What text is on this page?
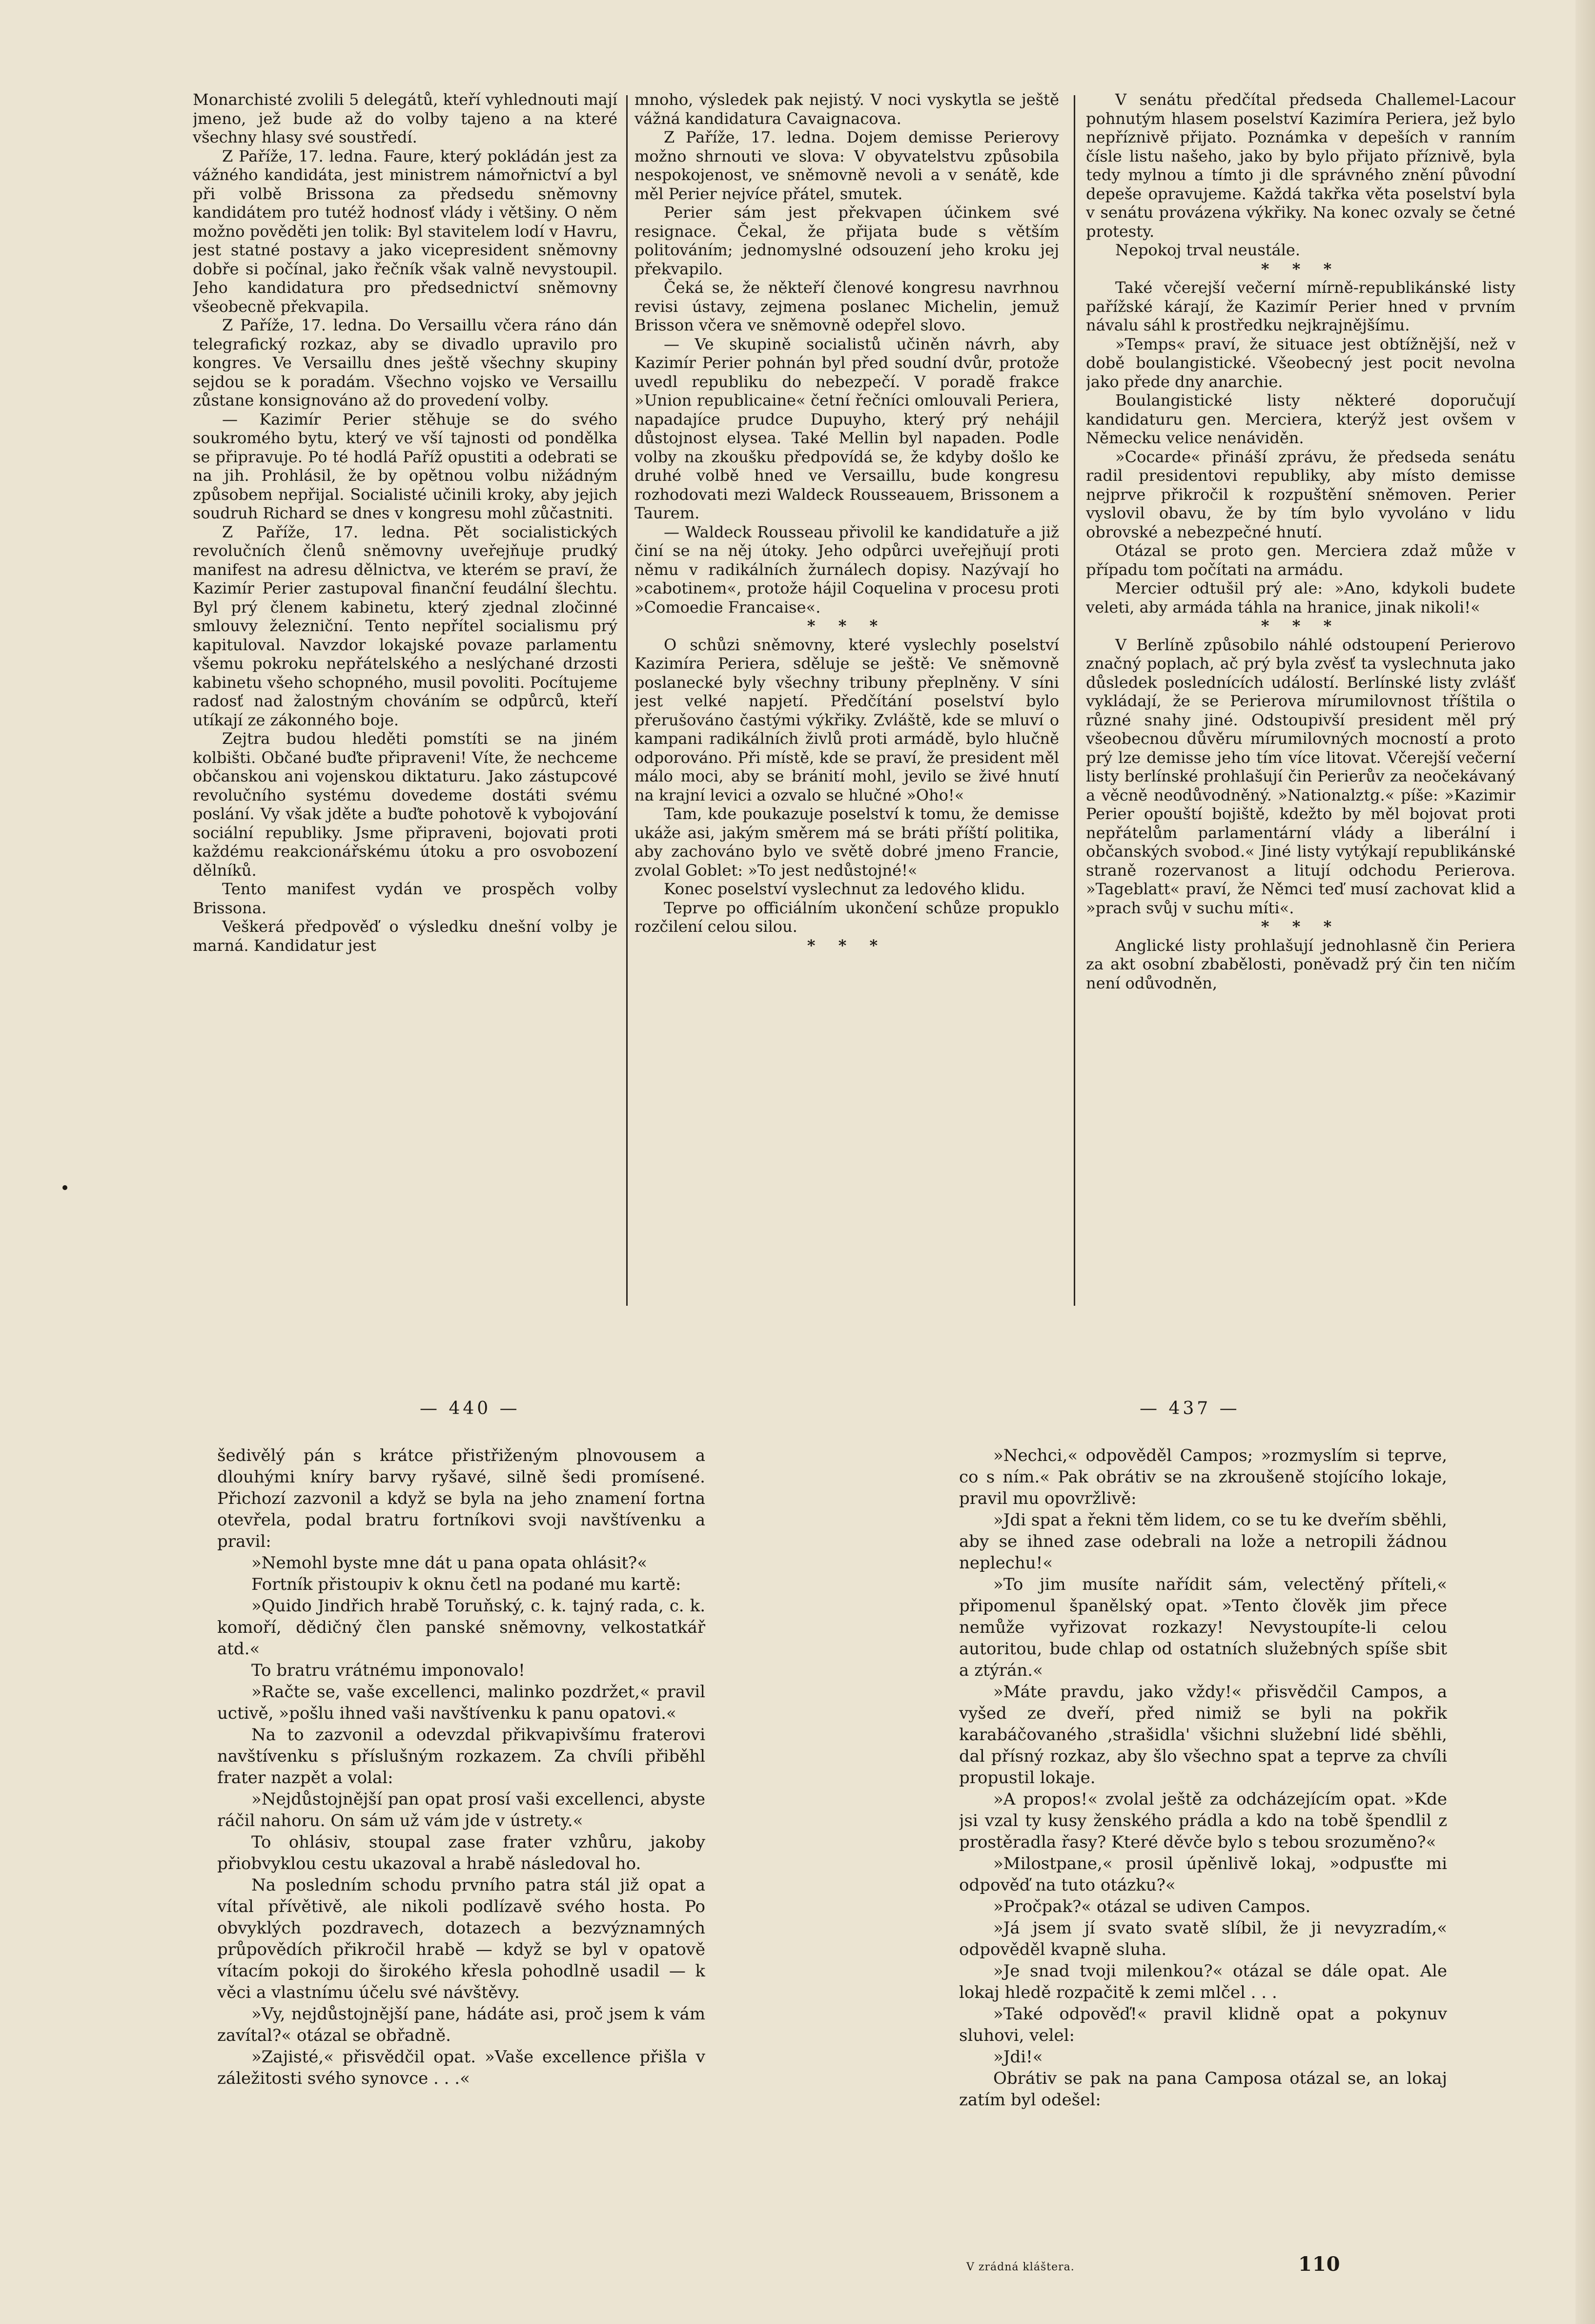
Monarchisté zvolili 5 delegátů, kteří vyhlednouti mají jmeno, jež bude až do volby tajeno a na které všechny hlasy své soustředí.

Z Paříže, 17. ledna. Faure, který pokládán jest za vážného kandidáta, jest ministrem námořnictví a byl při volbě Brissona za předsedu sněmovny kandidátem pro tutéž hodnosť vlády i většiny. O něm možno pověděti jen tolik: Byl stavitelem lodí v Havru, jest statné postavy a jako vicepresident sněmovny dobře si počínal, jako řečník však valně nevystoupil. Jeho kandidatura pro předsednictví sněmovny všeobecně překvapila.

Z Paříže, 17. ledna. Do Versaillu včera ráno dán telegrafický rozkaz, aby se divadlo upravilo pro kongres. Ve Versaillu dnes ještě všechny skupiny sejdou se k poradám. Všechno vojsko ve Versaillu zůstane konsignováno až do provedení volby.

— Kazimír Perier stěhuje se do svého soukromého bytu, který ve vší tajnosti od pondělka se připravuje. Po té hodlá Paříž opustiti a odebrati se na jih. Prohlásil, že by opětnou volbu nižádným způsobem nepřijal. Socialisté učinili kroky, aby jejich soudruh Richard se dnes v kongresu mohl zůčastniti.

Z Paříže, 17. ledna. Pět socialistických revolučních členů sněmovny uveřejňuje prudký manifest na adresu dělnictva, ve kterém se praví, že Kazimír Perier zastupoval finanční feudální šlechtu. Byl prý členem kabinetu, který zjednal zločinné smlouvy železniční. Tento nepřítel socialismu prý kapituloval. Navzdor lokajské povaze parlamentu všemu pokroku nepřátelského a neslýchané drzosti kabinetu všeho schopného, musil povoliti. Pocítujeme radosť nad žalostným chováním se odpůrců, kteří utíkají ze zákonného boje.

Zejtra budou hleděti pomstíti se na jiném kolbišti. Občané buďte připraveni! Víte, že nechceme občanskou ani vojenskou diktaturu. Jako zástupcové revolučního systému dovedeme dostáti svému poslání. Vy však jděte a buďte pohotově k vybojování sociální republiky. Jsme připraveni, bojovati proti každému reakcionářskému útoku a pro osvobození dělníků.

Tento manifest vydán ve prospěch volby Brissona.

Veškerá předpověď o výsledku dnešní volby je marná. Kandidatur jest

mnoho, výsledek pak nejistý. V noci vyskytla se ještě vážná kandidatura Cavaignacova.

Z Paříže, 17. ledna. Dojem demisse Perierovy možno shrnouti ve slova: V obyvatelstvu způsobila nespokojenost, ve sněmovně nevoli a v senátě, kde měl Perier nejvíce přátel, smutek.

Perier sám jest překvapen účinkem své resignace. Čekal, že přijata bude s větším politováním; jednomyslné odsouzení jeho kroku jej překvapilo.

Čeká se, že někteří členové kongresu navrhnou revisi ústavy, zejmena poslanec Michelin, jemuž Brisson včera ve sněmovně odepřel slovo.

— Ve skupině socialistů učiněn návrh, aby Kazimír Perier pohnán byl před soudní dvůr, protože uvedl republiku do nebezpečí. V poradě frakce »Union republicaine« četní řečníci omlouvali Periera, napadajíce prudce Dupuyho, který prý nehájil důstojnost elysea. Také Mellin byl napaden. Podle volby na zkoušku předpovídá se, že kdyby došlo ke druhé volbě hned ve Versaillu, bude kongresu rozhodovati mezi Waldeck Rousseauem, Brissonem a Taurem.

— Waldeck Rousseau přivolil ke kandidatuře a již činí se na něj útoky. Jeho odpůrci uveřejňují proti němu v radikálních žurnálech dopisy. Nazývají ho »cabotinem«, protože hájil Coquelina v procesu proti »Comoedie Francaise«.

* * *

O schůzi sněmovny, které vyslechly poselství Kazimíra Periera, sděluje se ještě: Ve sněmovně poslanecké byly všechny tribuny přeplněny. V síni jest velké napjetí. Předčítání poselství bylo přerušováno častými výkřiky. Zvláště, kde se mluví o kampani radikálních živlů proti armádě, bylo hlučně odporováno. Při místě, kde se praví, že president měl málo moci, aby se bránití mohl, jevilo se živé hnutí na krajní levici a ozvalo se hlučné »Oho!«

Tam, kde poukazuje poselství k tomu, že demisse ukáže asi, jakým směrem má se bráti příští politika, aby zachováno bylo ve světě dobré jmeno Francie, zvolal Goblet: »To jest nedůstojné!«

Konec poselství vyslechnut za ledového klidu.

Teprve po officiálním ukončení schůze propuklo rozčilení celou silou.

* * *

V senátu předčítal předseda Challemel-Lacour pohnutým hlasem poselství Kazimíra Periera, jež bylo nepříznivě přijato. Poznámka v depeších v ranním čísle listu našeho, jako by bylo přijato příznivě, byla tedy mylnou a tímto ji dle správného znění původní depeše opravujeme. Každá takřka věta poselství byla v senátu provázena výkřiky. Na konec ozvaly se četné protesty.

Nepokoj trval neustále.

* * *

Také včerejší večerní mírně-republikánské listy pařížské kárají, že Kazimír Perier hned v prvním návalu sáhl k prostředku nejkrajnějšímu.

»Temps« praví, že situace jest obtížnější, než v době boulangistické. Všeobecný jest pocit nevolna jako přede dny anarchie.

Boulangistické listy některé doporučují kandidaturu gen. Merciera, kterýž jest ovšem v Německu velice nenáviděn.

»Cocarde« přináší zprávu, že předseda senátu radil presidentovi republiky, aby místo demisse nejprve přikročil k rozpuštění sněmoven. Perier vyslovil obavu, že by tím bylo vyvoláno v lidu obrovské a nebezpečné hnutí.

Otázal se proto gen. Merciera zdaž může v případu tom počítati na armádu.

Mercier odtušil prý ale: »Ano, kdykoli budete veleti, aby armáda táhla na hranice, jinak nikoli!«

* * *

V Berlíně způsobilo náhlé odstoupení Perierovo značný poplach, ač prý byla zvěsť ta vyslechnuta jako důsledek poslednících událostí. Berlínské listy zvlášť vykládají, že se Perierova mírumilovnost tříštila o různé snahy jiné. Odstoupivší president měl prý všeobecnou důvěru mírumilovných mocností a proto prý lze demisse jeho tím více litovat. Včerejší večerní listy berlínské prohlašují čin Perierův za neočekávaný a věcně neodůvodněný. »Nationalztg.« píše: »Kazimir Perier opouští bojiště, kdežto by měl bojovat proti nepřátelům parlamentární vlády a liberální i občanských svobod.« Jiné listy vytýkají republikánské straně rozervanost a litují odchodu Perierova. »Tageblatt« praví, že Němci teď musí zachovat klid a »prach svůj v suchu míti«.

* * *

Anglické listy prohlašují jednohlasně čin Periera za akt osobní zbabělosti, poněvadž prý čin ten ničím není odůvodněn,

— 440 —	— 437 —

šedivělý pán s krátce přistřiženým plnovousem a dlouhými kníry barvy ryšavé, silně šedi promísené. Přichozí zazvonil a když se byla na jeho znamení fortna otevřela, podal bratru fortníkovi svoji navštívenku a pravil:

»Nemohl byste mne dát u pana opata ohlásit?«

Fortník přistoupiv k oknu četl na podané mu kartě:

»Quido Jindřich hrabě Toruňský, c. k. tajný rada, c. k. komoří, dědičný člen panské sněmovny, velkostatkář atd.«

To bratru vrátnému imponovalo!

»Račte se, vaše excellenci, malinko pozdržet,« pravil uctivě, »pošlu ihned vaši navštívenku k panu opatovi.«

Na to zazvonil a odevzdal přikvapivšímu fraterovi navštívenku s příslušným rozkazem. Za chvíli přiběhl frater nazpět a volal:

»Nejdůstojnější pan opat prosí vaši excellenci, abyste ráčil nahoru. On sám už vám jde v ústrety.«

To ohlásiv, stoupal zase frater vzhůru, jakoby přiobvyklou cestu ukazoval a hrabě následoval ho.

Na posledním schodu prvního patra stál již opat a vítal přívětivě, ale nikoli podlízavě svého hosta. Po obvyklých pozdravech, dotazech a bezvýznamných průpovědích přikročil hrabě — když se byl v opatově vítacím pokoji do širokého křesla pohodlně usadil — k věci a vlastnímu účelu své návštěvy.

»Vy, nejdůstojnější pane, hádáte asi, proč jsem k vám zavítal?« otázal se obřadně.

»Zajisté,« přisvědčil opat. »Vaše excellence přišla v záležitosti svého synovce . . .«

»Nechci,« odpověděl Campos; »rozmyslím si teprve, co s ním.« Pak obrátiv se na zkroušeně stojícího lokaje, pravil mu opovržlivě:

»Jdi spat a řekni těm lidem, co se tu ke dveřím sběhli, aby se ihned zase odebrali na lože a netropili žádnou neplechu!«

»To jim musíte nařídit sám, velectěný příteli,« připomenul španělský opat. »Tento člověk jim přece nemůže vyřizovat rozkazy! Nevystoupíte-li celou autoritou, bude chlap od ostatních služebných spíše sbit a ztýrán.«

»Máte pravdu, jako vždy!« přisvědčil Campos, a vyšed ze dveří, před nimiž se byli na pokřik karabáčovaného ,strašidla' všichni služební lidé sběhli, dal přísný rozkaz, aby šlo všechno spat a teprve za chvíli propustil lokaje.

»A propos!« zvolal ještě za odcházejícím opat. »Kde jsi vzal ty kusy ženského prádla a kdo na tobě špendlil z prostěradla řasy? Které děvče bylo s tebou srozuměno?«

»Milostpane,« prosil úpěnlivě lokaj, »odpusťte mi odpověď na tuto otázku?«

»Pročpak?« otázal se udiven Campos.

»Já jsem jí svato svatě slíbil, že ji nevyzradím,« odpověděl kvapně sluha.

»Je snad tvoji milenkou?« otázal se dále opat. Ale lokaj hledě rozpačitě k zemi mlčel . . .

»Také odpověď!« pravil klidně opat a pokynuv sluhovi, velel:

»Jdi!«

Obrátiv se pak na pana Camposa otázal se, an lokaj zatím byl odešel:

V zrádná kláštera.	110
